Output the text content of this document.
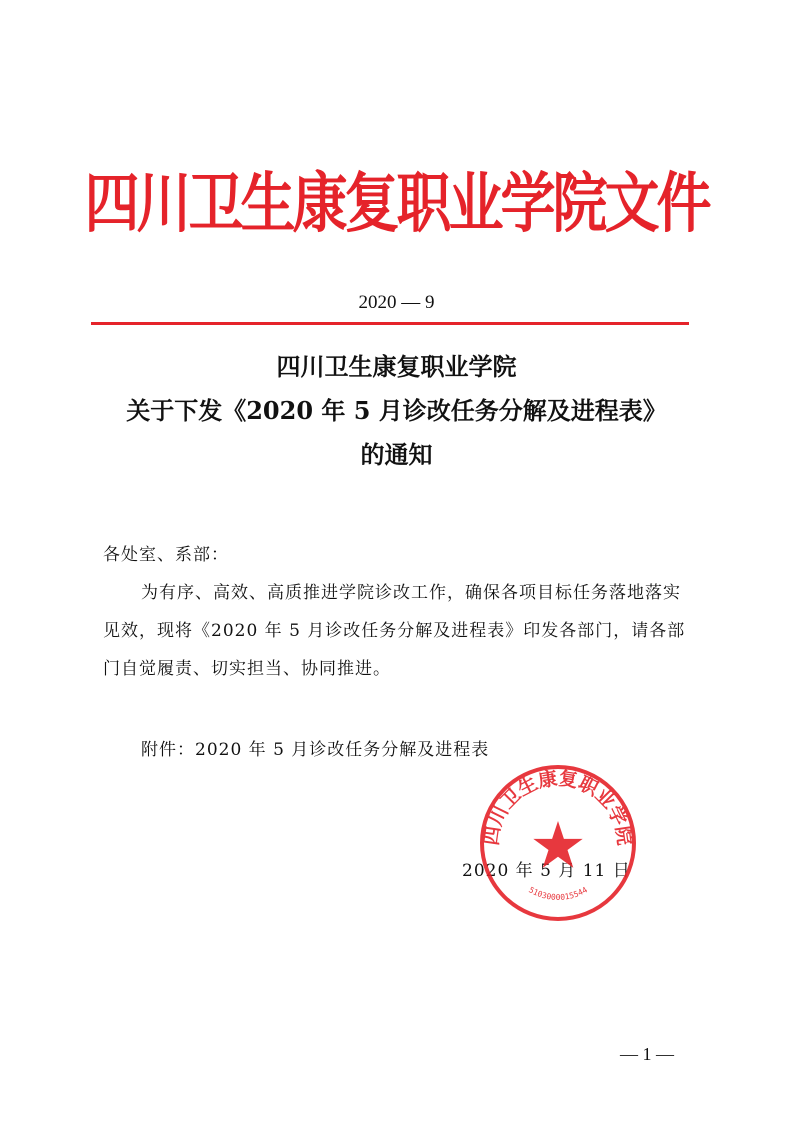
四川卫生康复职业学院文件
2020 — 9
四川卫生康复职业学院
关于下发《2020 年 5 月诊改任务分解及进程表》
的通知

各处室、系部：

为有序、高效、高质推进学院诊改工作，确保各项目标任务落地落实见效，现将《2020 年 5 月诊改任务分解及进程表》印发各部门，请各部门自觉履责、切实担当、协同推进。

附件：2020 年 5 月诊改任务分解及进程表
2020 年 5 月 11 日
四川卫生康复职业学院
5103000015544
— 1 —
